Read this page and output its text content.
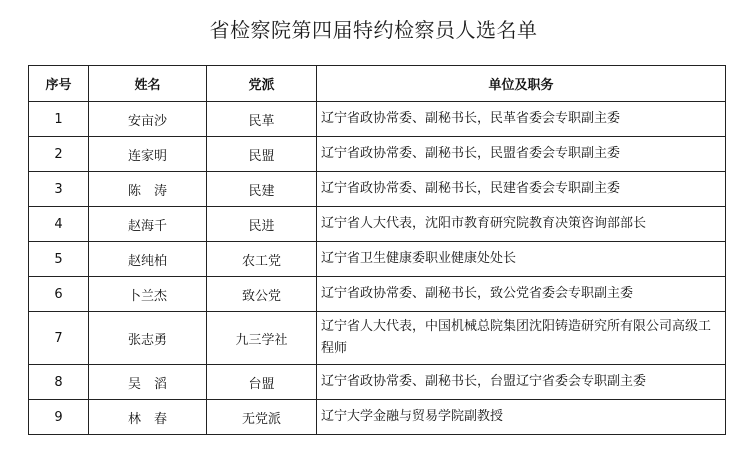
省检察院第四届特约检察员人选名单
序号	姓名	党派	单位及职务
1	安亩沙	民革	辽宁省政协常委、副秘书长，民革省委会专职副主委
2	连家明	民盟	辽宁省政协常委、副秘书长，民盟省委会专职副主委
3	陈　涛	民建	辽宁省政协常委、副秘书长，民建省委会专职副主委
4	赵海千	民进	辽宁省人大代表，沈阳市教育研究院教育决策咨询部部长
5	赵纯柏	农工党	辽宁省卫生健康委职业健康处处长
6	卜兰杰	致公党	辽宁省政协常委、副秘书长，致公党省委会专职副主委
7	张志勇	九三学社	辽宁省人大代表，中国机械总院集团沈阳铸造研究所有限公司高级工程师
8	吴　滔	台盟	辽宁省政协常委、副秘书长，台盟辽宁省委会专职副主委
9	林　春	无党派	辽宁大学金融与贸易学院副教授
